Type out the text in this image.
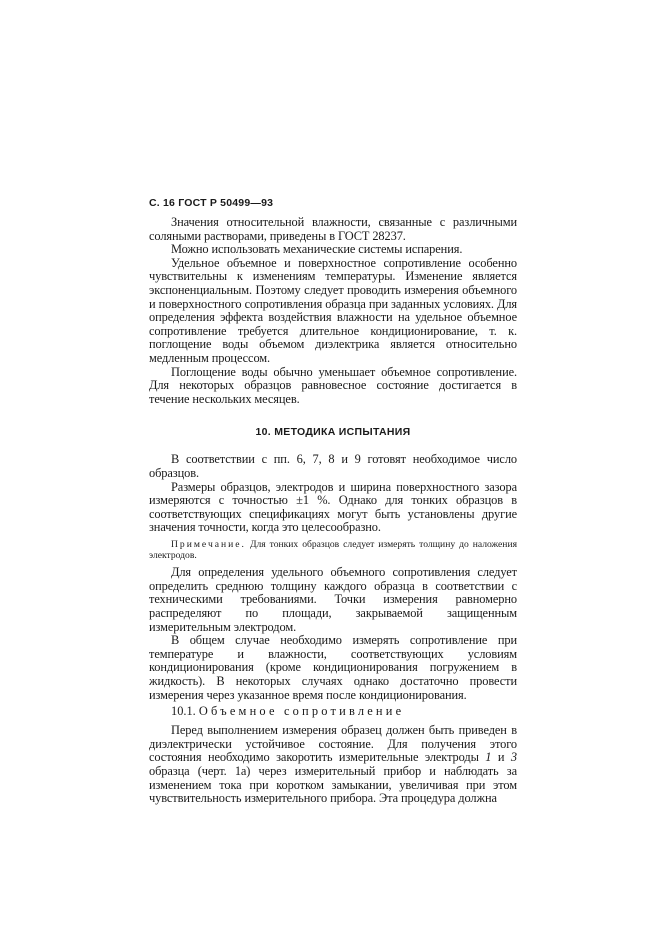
С. 16 ГОСТ Р 50499—93

Значения относительной влажности, связанные с различными соляными растворами, приведены в ГОСТ 28237.

Можно использовать механические системы испарения.

Удельное объемное и поверхностное сопротивление особенно чувствительны к изменениям температуры. Изменение является экспоненциальным. Поэтому следует проводить измерения объемного и поверхностного сопротивления образца при заданных условиях. Для определения эффекта воздействия влажности на удельное объемное сопротивление требуется длительное кондиционирование, т. к. поглощение воды объемом диэлектрика является относительно медленным процессом.

Поглощение воды обычно уменьшает объемное сопротивление. Для некоторых образцов равновесное состояние достигается в течение нескольких месяцев.

10. МЕТОДИКА ИСПЫТАНИЯ

В соответствии с пп. 6, 7, 8 и 9 готовят необходимое число образцов.

Размеры образцов, электродов и ширина поверхностного зазора измеряются с точностью ±1 %. Однако для тонких образцов в соответствующих спецификациях могут быть установлены другие значения точности, когда это целесообразно.

Примечание. Для тонких образцов следует измерять толщину до наложения электродов.

Для определения удельного объемного сопротивления следует определить среднюю толщину каждого образца в соответствии с техническими требованиями. Точки измерения равномерно распределяют по площади, закрываемой защищенным измерительным электродом.

В общем случае необходимо измерять сопротивление при температуре и влажности, соответствующих условиям кондиционирования (кроме кондиционирования погружением в жидкость). В некоторых случаях однако достаточно провести измерения через указанное время после кондиционирования.

10.1. Объемное сопротивление

Перед выполнением измерения образец должен быть приведен в диэлектрически устойчивое состояние. Для получения этого состояния необходимо закоротить измерительные электроды 1 и 3 образца (черт. 1а) через измерительный прибор и наблюдать за изменением тока при коротком замыкании, увеличивая при этом чувствительность измерительного прибора. Эта процедура должна
